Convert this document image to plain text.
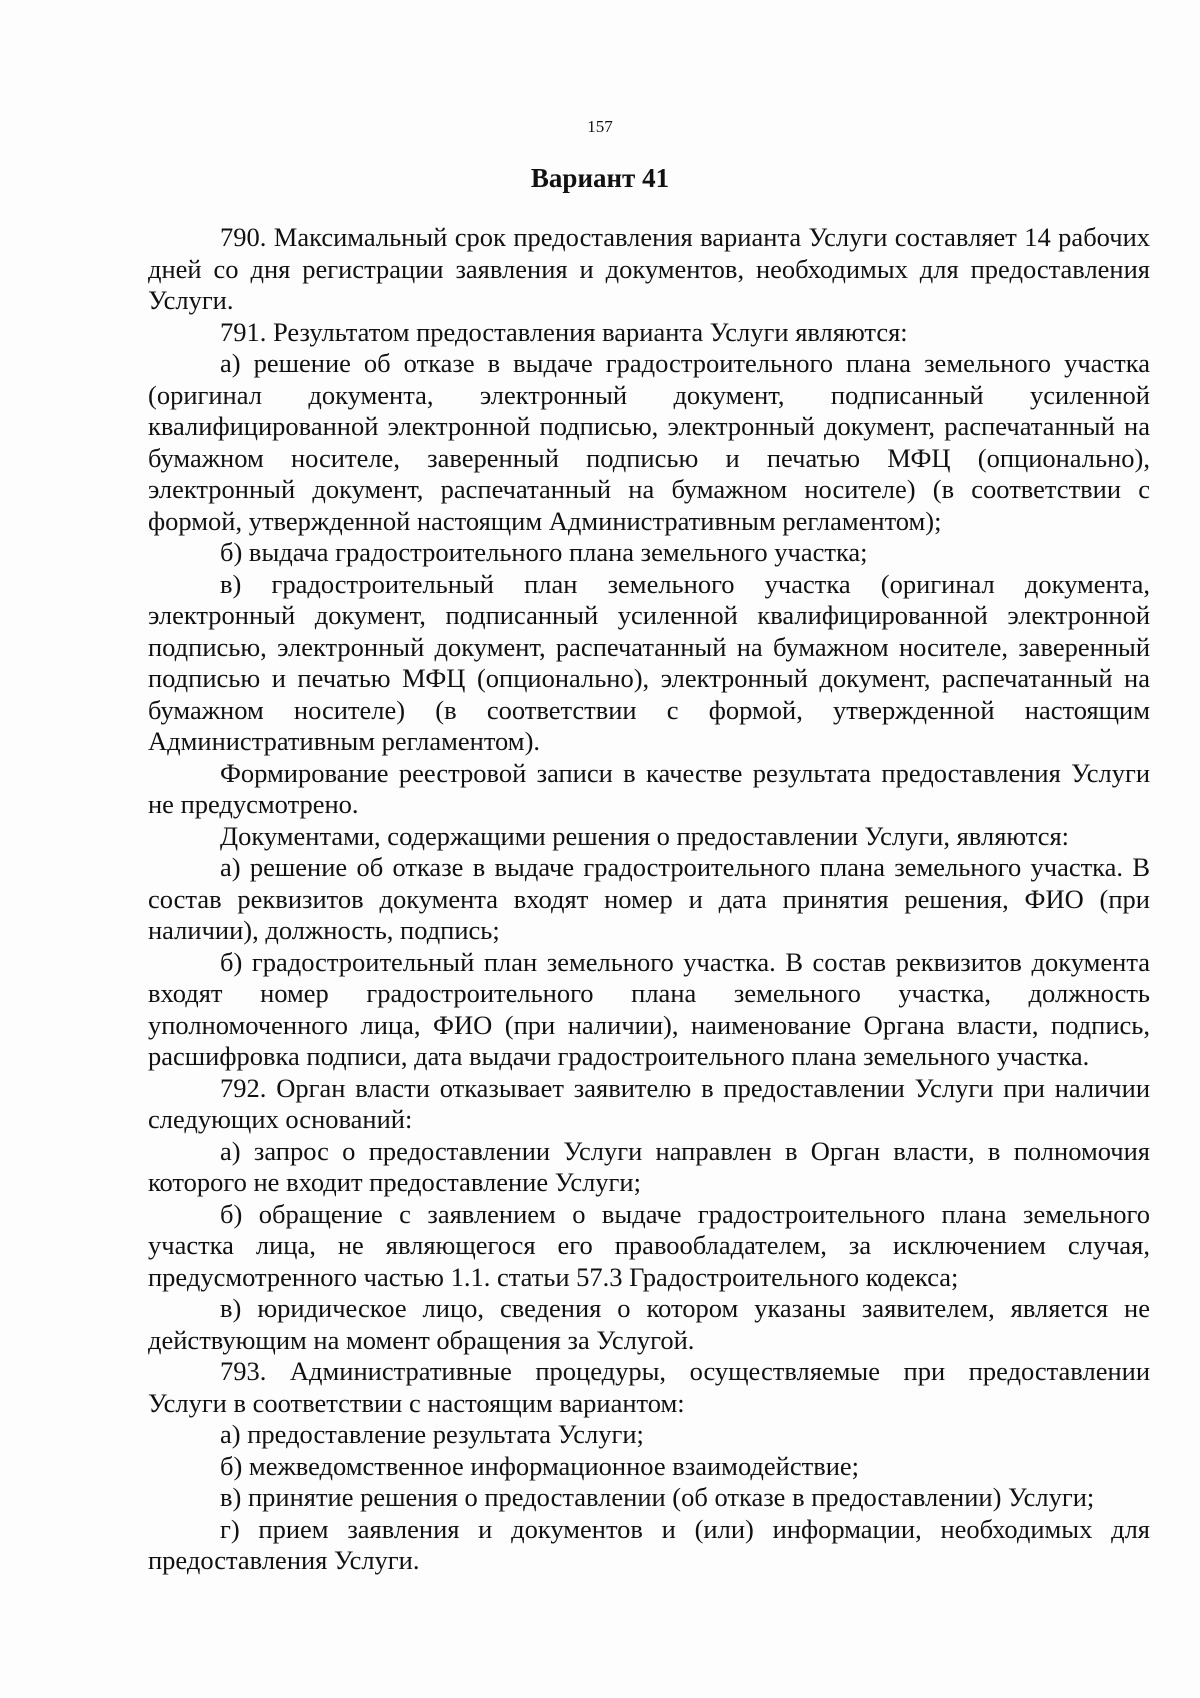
157
Вариант 41

790. Максимальный срок предоставления варианта Услуги составляет 14 рабочих дней со дня регистрации заявления и документов, необходимых для предоставления Услуги.

791. Результатом предоставления варианта Услуги являются:

а) решение об отказе в выдаче градостроительного плана земельного участка (оригинал документа, электронный документ, подписанный усиленной квалифицированной электронной подписью, электронный документ, распечатанный на бумажном носителе, заверенный подписью и печатью МФЦ (опционально), электронный документ, распечатанный на бумажном носителе) (в соответствии с формой, утвержденной настоящим Административным регламентом);

б) выдача градостроительного плана земельного участка;

в) градостроительный план земельного участка (оригинал документа, электронный документ, подписанный усиленной квалифицированной электронной подписью, электронный документ, распечатанный на бумажном носителе, заверенный подписью и печатью МФЦ (опционально), электронный документ, распечатанный на бумажном носителе) (в соответствии с формой, утвержденной настоящим Административным регламентом).

Формирование реестровой записи в качестве результата предоставления Услуги не предусмотрено.

Документами, содержащими решения о предоставлении Услуги, являются:

а) решение об отказе в выдаче градостроительного плана земельного участка. В состав реквизитов документа входят номер и дата принятия решения, ФИО (при наличии), должность, подпись;

б) градостроительный план земельного участка. В состав реквизитов документа входят номер градостроительного плана земельного участка, должность уполномоченного лица, ФИО (при наличии), наименование Органа власти, подпись, расшифровка подписи, дата выдачи градостроительного плана земельного участка.

792. Орган власти отказывает заявителю в предоставлении Услуги при наличии следующих оснований:

а) запрос о предоставлении Услуги направлен в Орган власти, в полномочия которого не входит предоставление Услуги;

б) обращение с заявлением о выдаче градостроительного плана земельного участка лица, не являющегося его правообладателем, за исключением случая, предусмотренного частью 1.1. статьи 57.3 Градостроительного кодекса;

в) юридическое лицо, сведения о котором указаны заявителем, является не действующим на момент обращения за Услугой.

793. Административные процедуры, осуществляемые при предоставлении Услуги в соответствии с настоящим вариантом:

а) предоставление результата Услуги;

б) межведомственное информационное взаимодействие;

в) принятие решения о предоставлении (об отказе в предоставлении) Услуги;

г) прием заявления и документов и (или) информации, необходимых для предоставления Услуги.
